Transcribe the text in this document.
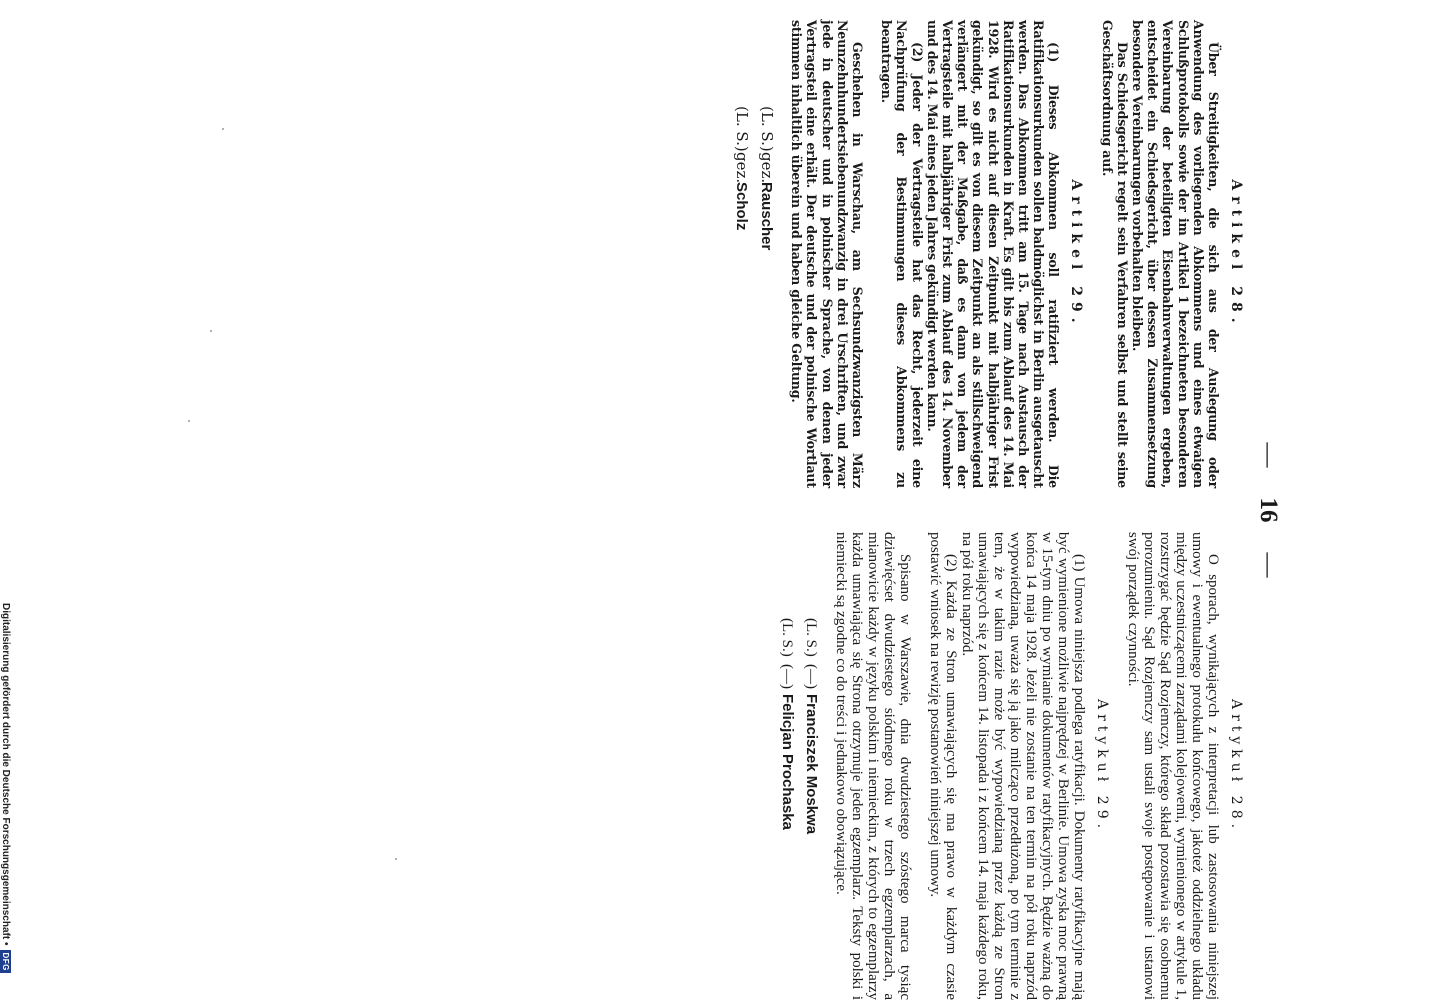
—
16
—
Artikel 28.

Über Streitigkeiten, die sich aus der Auslegung oder Anwendung des vorliegenden Abkommens und eines etwaigen Schlußprotokolls sowie der im Artikel 1 bezeichneten besonderen Vereinbarung der beteiligten Eisenbahnverwaltungen ergeben, entscheidet ein Schiedsgericht, über dessen Zusammensetzung besondere Vereinbarungen vorbehalten bleiben.

Das Schiedsgericht regelt sein Verfahren selbst und stellt seine Geschäftsordnung auf.

Artikel 29.

(1) Dieses Abkommen soll ratifiziert werden. Die Ratifikationsurkunden sollen baldmöglichst in Berlin ausgetauscht werden. Das Abkommen tritt am 15. Tage nach Austausch der Ratifikationsurkunden in Kraft. Es gilt bis zum Ablauf des 14. Mai 1928. Wird es nicht auf diesen Zeitpunkt mit halbjähriger Frist gekündigt, so gilt es von diesem Zeitpunkt an als stillschweigend verlängert mit der Maßgabe, daß es dann von jedem der Vertragsteile mit halbjähriger Frist zum Ablauf des 14. November und des 14. Mai eines jeden Jahres gekündigt werden kann.

(2) Jeder der Vertragsteile hat das Recht, jederzeit eine Nachprüfung der Bestimmungen dieses Abkommens zu beantragen.

Geschehen in Warschau, am Sechsundzwanzigsten März Neunzehnhundertsiebenundzwanzig in drei Urschriften, und zwar jede in deutscher und in polnischer Sprache, von denen jeder Vertragsteil eine erhält. Der deutsche und der polnische Wortlaut stimmen inhaltlich überein und haben gleiche Geltung.

(L. S.)gez.Rauscher
(L. S.)gez.Scholz
Artykuł 28.

O sporach, wynikających z interpretacji lub zastosowania niniejszej umowy i ewentualnego protokułu końcowego, jakoteż oddzielnego układu między uczestniczącemi zarządami kolejowemi, wymienionego w artykule 1, rozstrzygać będzie Sąd Rozjemczy, którego skład pozostawia się osobnemu porozumieniu. Sąd Rozjemczy sam ustali swoje postępowanie i ustanowi swój porządek czynności.

Artykuł 29.

(1) Umowa niniejsza podlega ratyfikacji. Dokumenty ratyfikacyjne mają być wymienione możliwie najprędzej w Berlinie. Umowa zyska moc prawną w 15-tym dniu po wymianie dokumentów ratyfikacyjnych. Będzie ważną do końca 14 maja 1928. Jeżeli nie zostanie na ten termin na pół roku naprzód wypowiedzianą, uważa się ją jako milcząco przedłużoną, po tym terminie z tem, że w takim razie może być wypowiedzianą przez każdą ze Stron umawiających się z końcem 14. listopada i z końcem 14. maja każdego roku, na pół roku naprzód.

(2) Każda ze Stron umawiających się ma prawo w każdym czasie postawić wniosek na rewizję postanowień niniejszej umowy.

Spisano w Warszawie, dnia dwudziestego szóstego marca tysiąc dziewięćset dwudziestego siódmego roku w trzech egzemplarzach, a mianowicie każdy w języku polskim i niemieckim, z których to egzemplarzy każda umawiająca się Strona otrzymuje jeden egzemplarz. Teksty polski i niemiecki są zgodne co do treści i jednakowo obowiązujące.

(L. S.)(—)Franciszek Moskwa
(L. S.)(—)Felicjan Prochaska
Digitalisierung gefördert durch die Deutsche Forschungsgemeinschaft •
DFG
